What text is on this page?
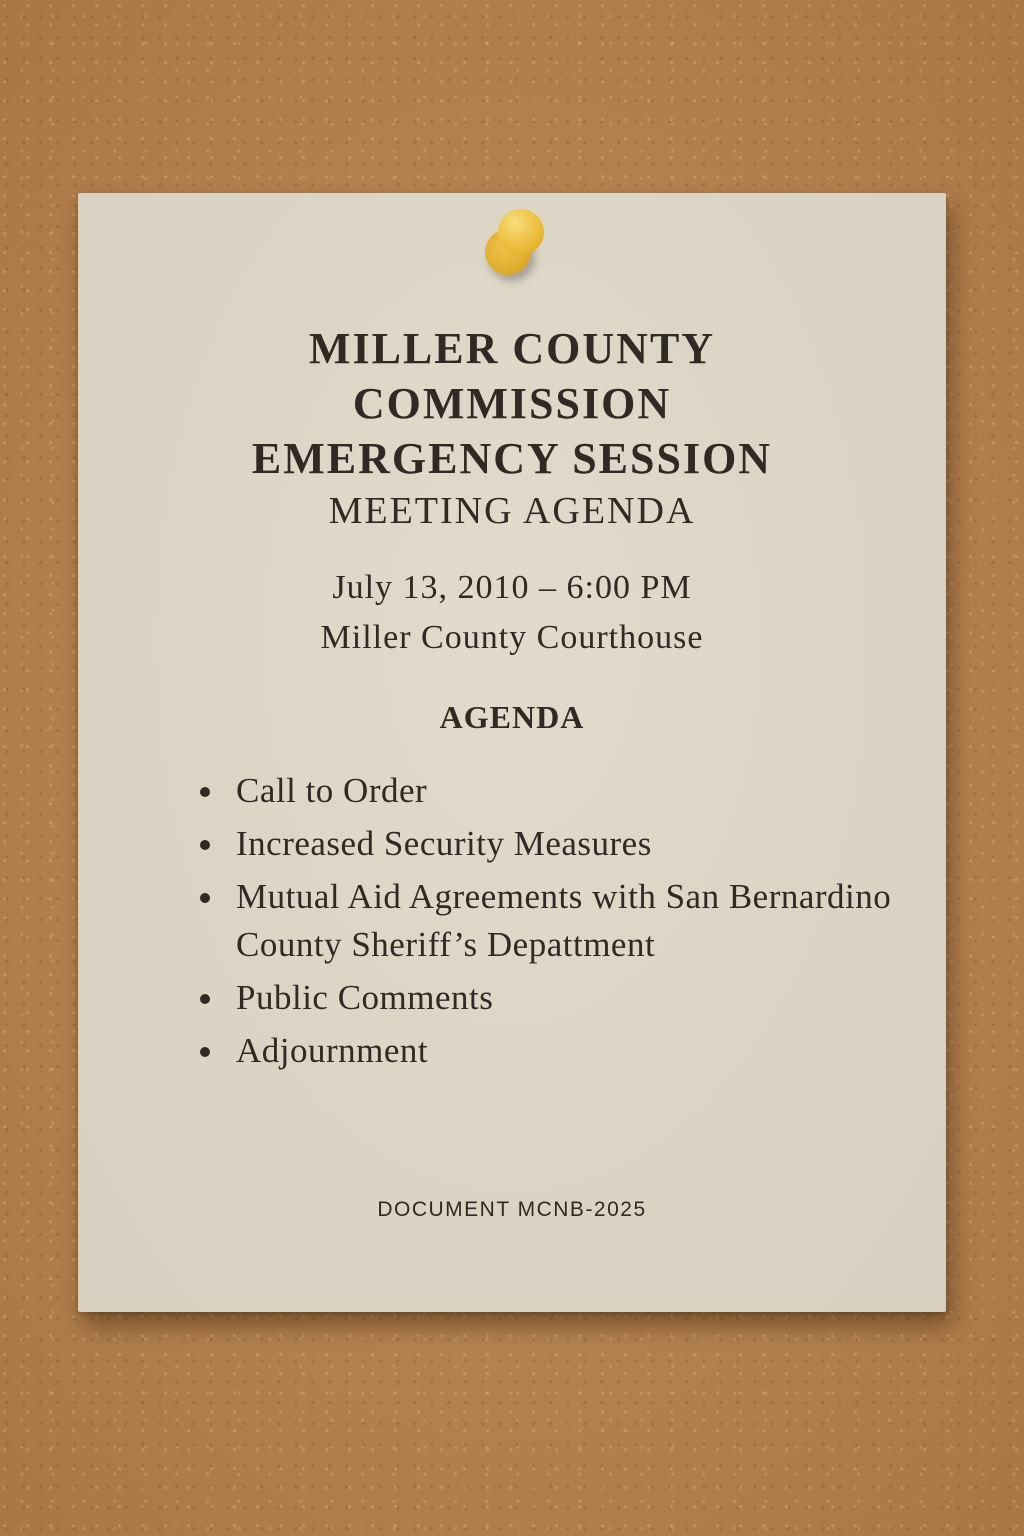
MILLER COUNTY
COMMISSION
EMERGENCY SESSION
MEETING AGENDA
July 13, 2010 – 6:00 PM
Miller County Courthouse
AGENDA
Call to Order
Increased Security Measures
Mutual Aid Agreements with San Bernardino County Sheriff’s Depattment
Public Comments
Adjournment
DOCUMENT MCNB-2025
